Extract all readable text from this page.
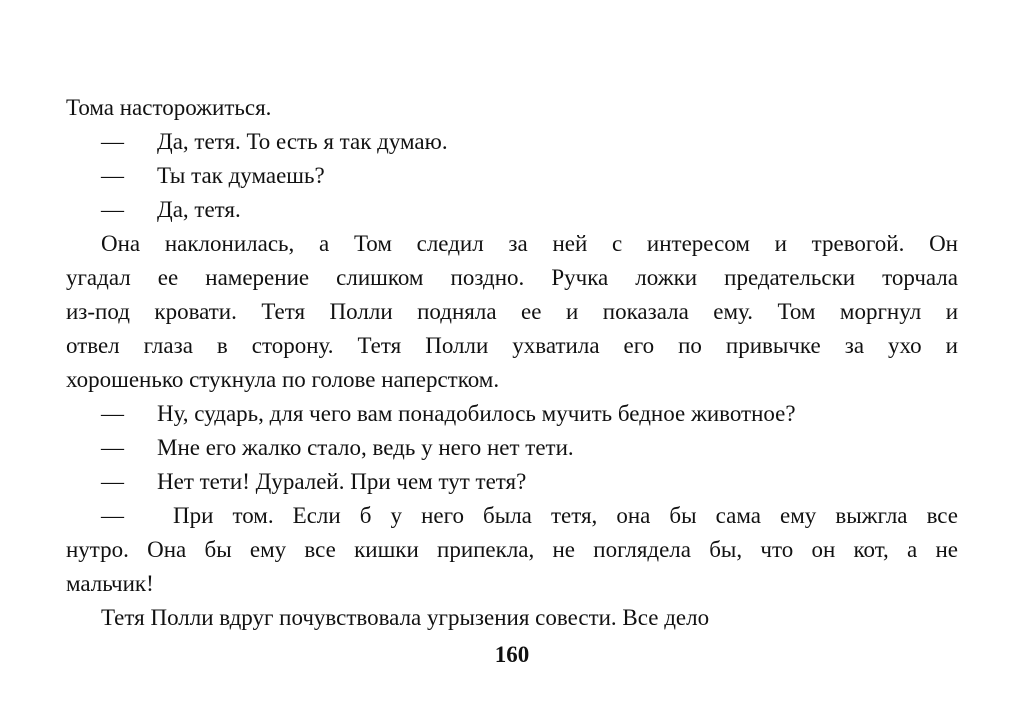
Тома насторожиться.
—	Да, тетя. То есть я так думаю.
—	Ты так думаешь?
—	Да, тетя.
Она наклонилась, а Том следил за ней с интересом и тревогой. Он
угадал ее намерение слишком поздно. Ручка ложки предательски торчала
из-под кровати. Тетя Полли подняла ее и показала ему. Том моргнул и
отвел глаза в сторону. Тетя Полли ухватила его по привычке за ухо и
хорошенько стукнула по голове наперстком.
—	Ну, сударь, для чего вам понадобилось мучить бедное животное?
—	Мне его жалко стало, ведь у него нет тети.
—	Нет тети! Дуралей. При чем тут тетя?
—	При том. Если б у него была тетя, она бы сама ему выжгла все
нутро. Она бы ему все кишки припекла, не поглядела бы, что он кот, а не
мальчик!
Тетя Полли вдруг почувствовала угрызения совести. Все дело
160
